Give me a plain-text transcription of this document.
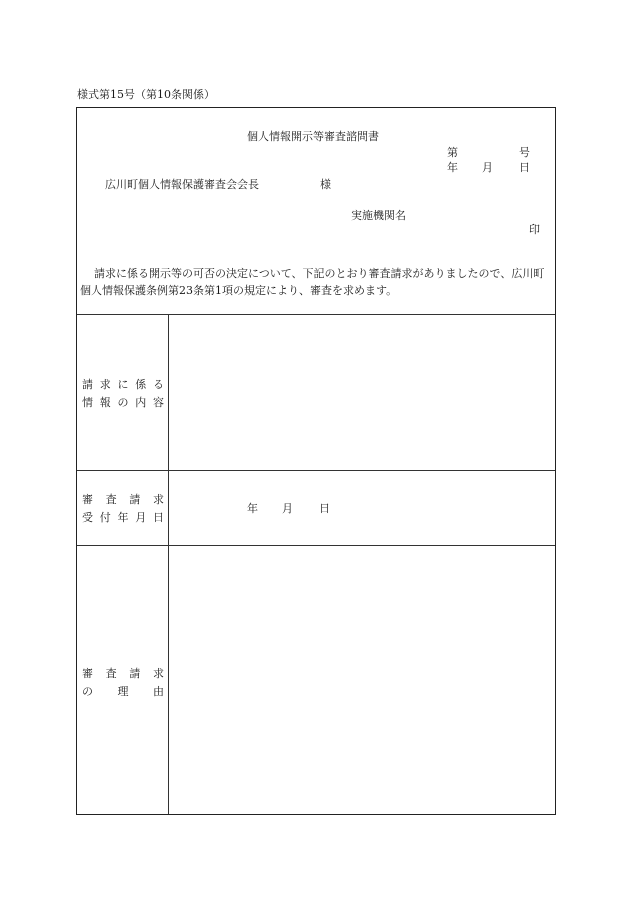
様式第15号（第10条関係）
個人情報開示等審査諮問書
第	号
年 月 日
広川町個人情報保護審査会会長	様
実施機関名
印
請求に係る開示等の可否の決定について、下記のとおり審査請求がありましたので、広川町個人情報保護条例第23条第1項の規定により、審査を求めます。
請 求 に 係 る
情 報 の 内 容
審 査 請 求
受 付 年 月 日
年 月 日
審 査 請 求
の 理 由
